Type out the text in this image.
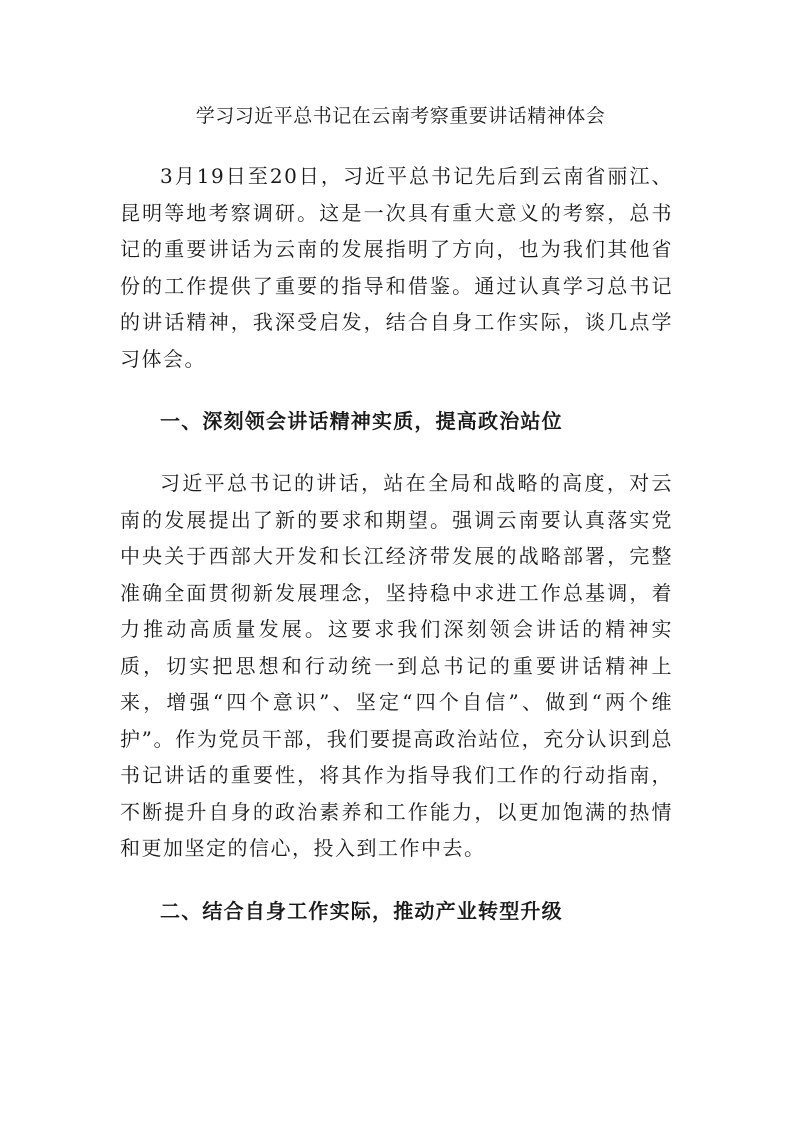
学习习近平总书记在云南考察重要讲话精神体会

3月19日至20日，习近平总书记先后到云南省丽江、昆明等地考察调研。这是一次具有重大意义的考察，总书记的重要讲话为云南的发展指明了方向，也为我们其他省份的工作提供了重要的指导和借鉴。通过认真学习总书记的讲话精神，我深受启发，结合自身工作实际，谈几点学习体会。

一、深刻领会讲话精神实质，提高政治站位

习近平总书记的讲话，站在全局和战略的高度，对云南的发展提出了新的要求和期望。强调云南要认真落实党中央关于西部大开发和长江经济带发展的战略部署，完整准确全面贯彻新发展理念，坚持稳中求进工作总基调，着力推动高质量发展。这要求我们深刻领会讲话的精神实质，切实把思想和行动统一到总书记的重要讲话精神上来，增强“四个意识”、坚定“四个自信”、做到“两个维护”。作为党员干部，我们要提高政治站位，充分认识到总书记讲话的重要性，将其作为指导我们工作的行动指南，不断提升自身的政治素养和工作能力，以更加饱满的热情和更加坚定的信心，投入到工作中去。

二、结合自身工作实际，推动产业转型升级
